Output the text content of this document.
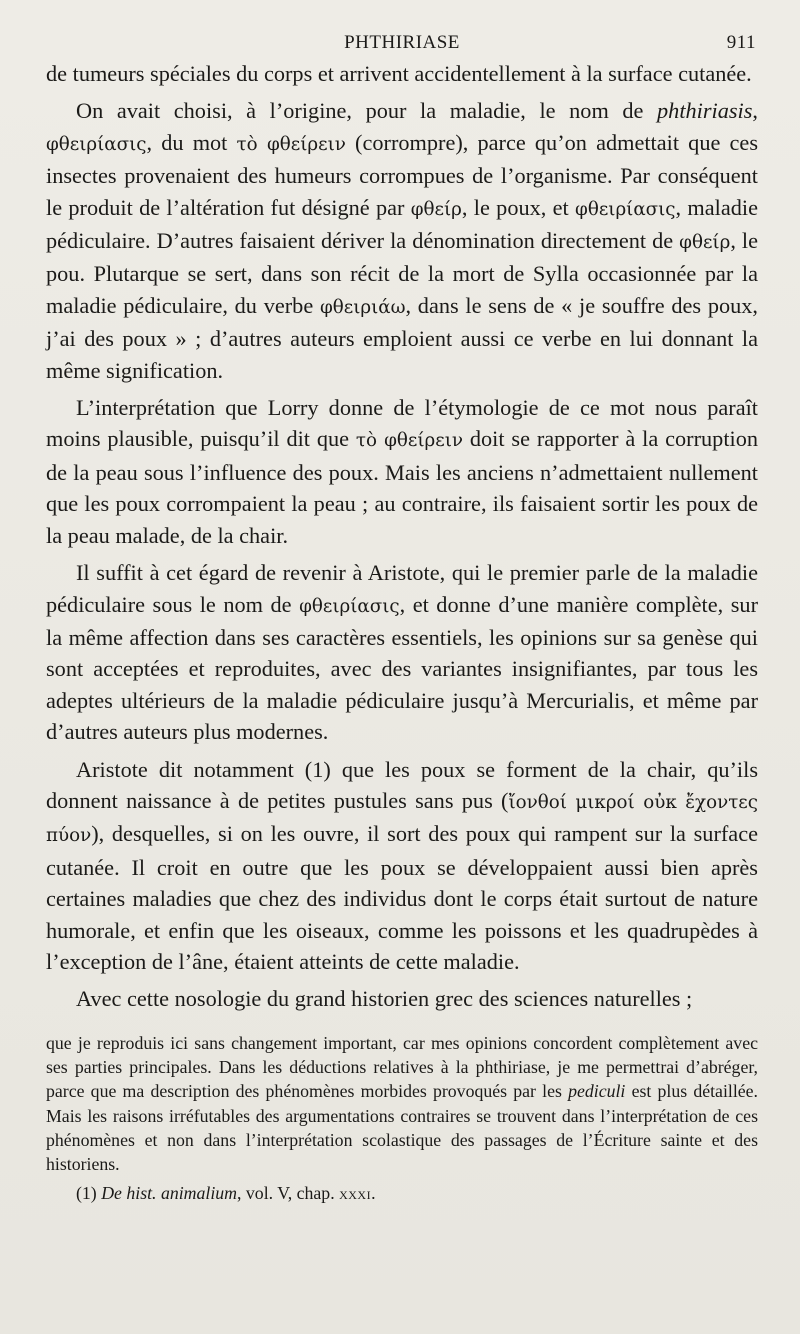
PHTHIRIASE	911

de tumeurs spéciales du corps et arrivent accidentellement à la surface cutanée.

On avait choisi, à l’origine, pour la maladie, le nom de phthiriasis, φθειρίασις, du mot τὸ φθείρειν (corrompre), parce qu’on admettait que ces insectes provenaient des humeurs corrompues de l’organisme. Par conséquent le produit de l’altération fut désigné par φθείρ, le poux, et φθειρίασις, maladie pédiculaire. D’autres faisaient dériver la dénomination directement de φθείρ, le pou. Plutarque se sert, dans son récit de la mort de Sylla occasionnée par la maladie pédiculaire, du verbe φθειριάω, dans le sens de « je souffre des poux, j’ai des poux » ; d’autres auteurs emploient aussi ce verbe en lui donnant la même signification.

L’interprétation que Lorry donne de l’étymologie de ce mot nous paraît moins plausible, puisqu’il dit que τὸ φθείρειν doit se rapporter à la corruption de la peau sous l’influence des poux. Mais les anciens n’admettaient nullement que les poux corrompaient la peau ; au contraire, ils faisaient sortir les poux de la peau malade, de la chair.

Il suffit à cet égard de revenir à Aristote, qui le premier parle de la maladie pédiculaire sous le nom de φθειρίασις, et donne d’une manière complète, sur la même affection dans ses caractères essentiels, les opinions sur sa genèse qui sont acceptées et reproduites, avec des variantes insignifiantes, par tous les adeptes ultérieurs de la maladie pédiculaire jusqu’à Mercurialis, et même par d’autres auteurs plus modernes.

Aristote dit notamment (1) que les poux se forment de la chair, qu’ils donnent naissance à de petites pustules sans pus (ἴονθοί μικροί οὐκ ἔχοντες πύον), desquelles, si on les ouvre, il sort des poux qui rampent sur la surface cutanée. Il croit en outre que les poux se développaient aussi bien après certaines maladies que chez des individus dont le corps était surtout de nature humorale, et enfin que les oiseaux, comme les poissons et les quadrupèdes à l’exception de l’âne, étaient atteints de cette maladie.

Avec cette nosologie du grand historien grec des sciences naturelles ;

que je reproduis ici sans changement important, car mes opinions concordent complètement avec ses parties principales. Dans les déductions relatives à la phthiriase, je me permettrai d’abréger, parce que ma description des phénomènes morbides provoqués par les pediculi est plus détaillée. Mais les raisons irréfutables des argumentations contraires se trouvent dans l’interprétation de ces phénomènes et non dans l’interprétation scolastique des passages de l’Écriture sainte et des historiens.
(1) De hist. animalium, vol. V, chap. xxxi.
